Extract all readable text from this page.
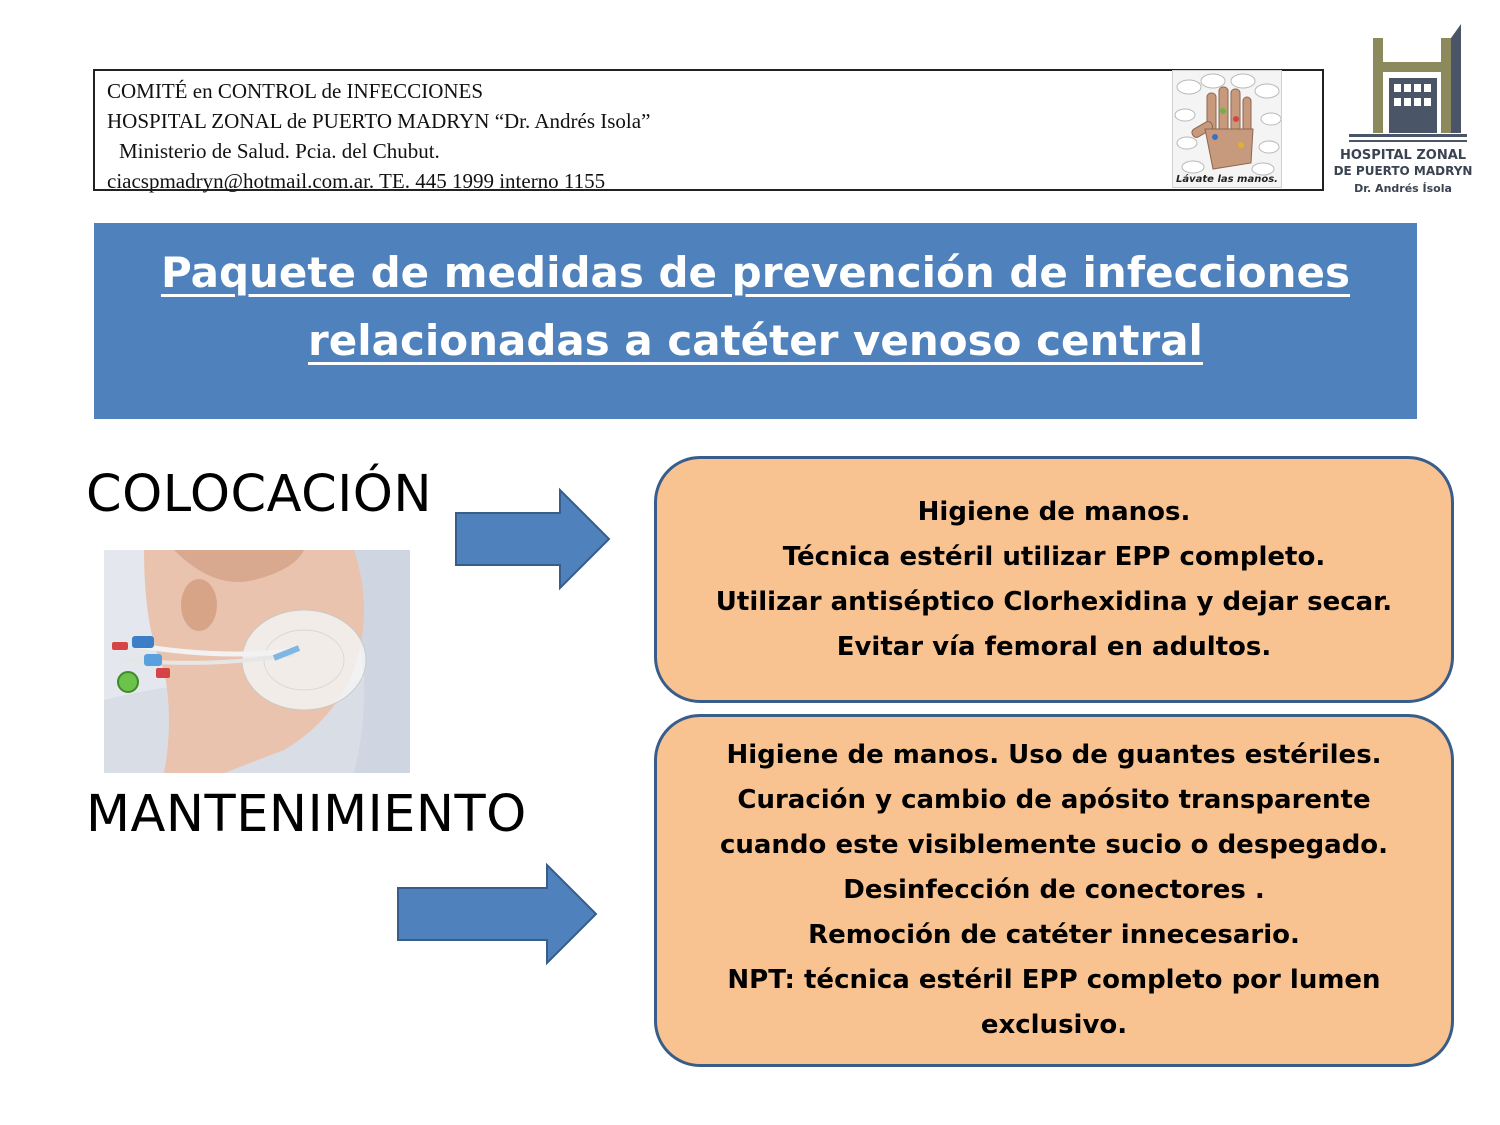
COMITÉ en CONTROL de INFECCIONES
HOSPITAL ZONAL de PUERTO MADRYN “Dr. Andrés Isola”
Ministerio de Salud. Pcia. del Chubut.
ciacspmadryn@hotmail.com.ar. TE. 445 1999 interno 1155	Lávate las manos.
HOSPITAL ZONAL
DE PUERTO MADRYN
Dr. Andrés Ísola
Paquete de medidas de prevención de infecciones
relacionadas a catéter venoso central
COLOCACIÓN
MANTENIMIENTO
Higiene de manos.
Técnica estéril utilizar EPP completo.
Utilizar antiséptico Clorhexidina y dejar secar.
Evitar vía femoral en adultos.
Higiene de manos. Uso de guantes estériles.
Curación y cambio de apósito transparente
cuando este visiblemente sucio o despegado.
Desinfección de conectores .
Remoción de catéter innecesario.
NPT: técnica estéril EPP completo por lumen
exclusivo.
